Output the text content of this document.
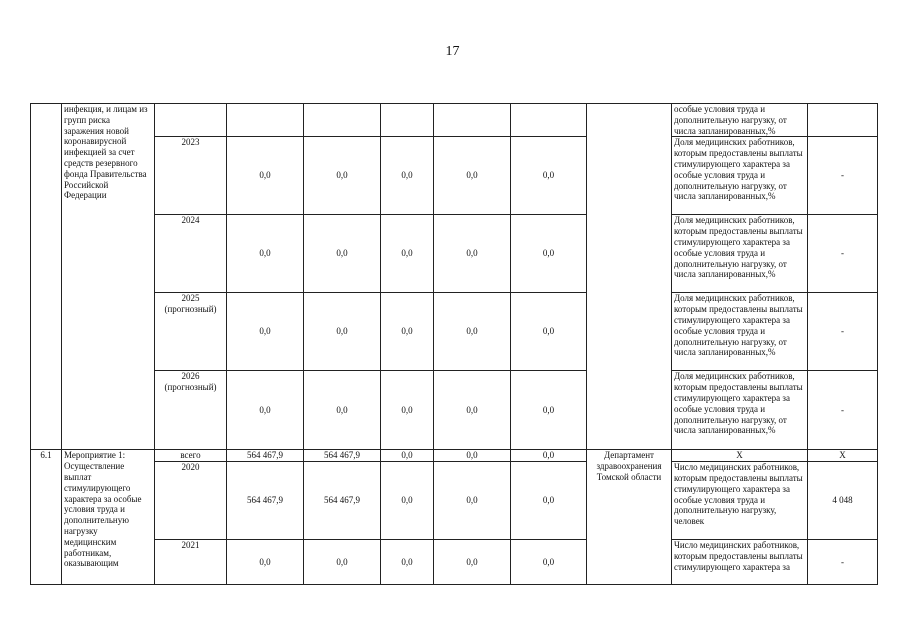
17
	инфекция, и лицам из групп риска заражения новой коронавирусной инфекцией за счет средств резервного фонда Правительства Российской Федерации								особые условия труда и дополнительную нагрузку, от числа запланированных,%	
		2023	0,0	0,0	0,0	0,0	0,0		Доля медицинских работников, которым предоставлены выплаты стимулирующего характера за особые условия труда и дополнительную нагрузку, от числа запланированных,%	-
		2024	0,0	0,0	0,0	0,0	0,0		Доля медицинских работников, которым предоставлены выплаты стимулирующего характера за особые условия труда и дополнительную нагрузку, от числа запланированных,%	-
		2025 (прогнозный)	0,0	0,0	0,0	0,0	0,0		Доля медицинских работников, которым предоставлены выплаты стимулирующего характера за особые условия труда и дополнительную нагрузку, от числа запланированных,%	-
		2026 (прогнозный)	0,0	0,0	0,0	0,0	0,0		Доля медицинских работников, которым предоставлены выплаты стимулирующего характера за особые условия труда и дополнительную нагрузку, от числа запланированных,%	-
6.1	Мероприятие 1: Осуществление выплат стимулирующего характера за особые условия труда и дополнительную нагрузку медицинским работникам, оказывающим	всего	564 467,9	564 467,9	0,0	0,0	0,0	Департамент здравоохранения Томской области	X	X
		2020	564 467,9	564 467,9	0,0	0,0	0,0		Число медицинских работников, которым предоставлены выплаты стимулирующего характера за особые условия труда и дополнительную нагрузку, человек	4 048
		2021	0,0	0,0	0,0	0,0	0,0		Число медицинских работников, которым предоставлены выплаты стимулирующего характера за	-
